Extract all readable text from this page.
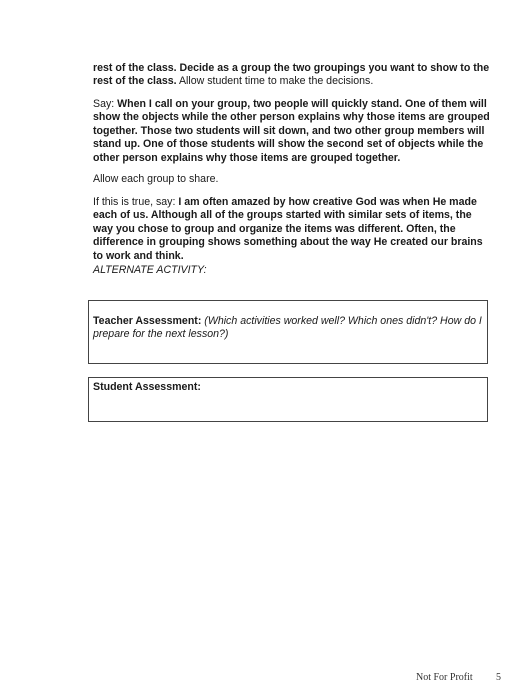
rest of the class. Decide as a group the two groupings you want to show to the rest of the class. Allow student time to make the decisions.

Say: When I call on your group, two people will quickly stand. One of them will show the objects while the other person explains why those items are grouped together. Those two students will sit down, and two other group members will stand up. One of those students will show the second set of objects while the other person explains why those items are grouped together.

Allow each group to share.

If this is true, say: I am often amazed by how creative God was when He made each of us. Although all of the groups started with similar sets of items, the way you chose to group and organize the items was different. Often, the difference in grouping shows something about the way He created our brains to work and think.

ALTERNATE ACTIVITY:

Teacher Assessment: (Which activities worked well? Which ones didn't? How do I prepare for the next lesson?)
Student Assessment:
Not For Profit 5
